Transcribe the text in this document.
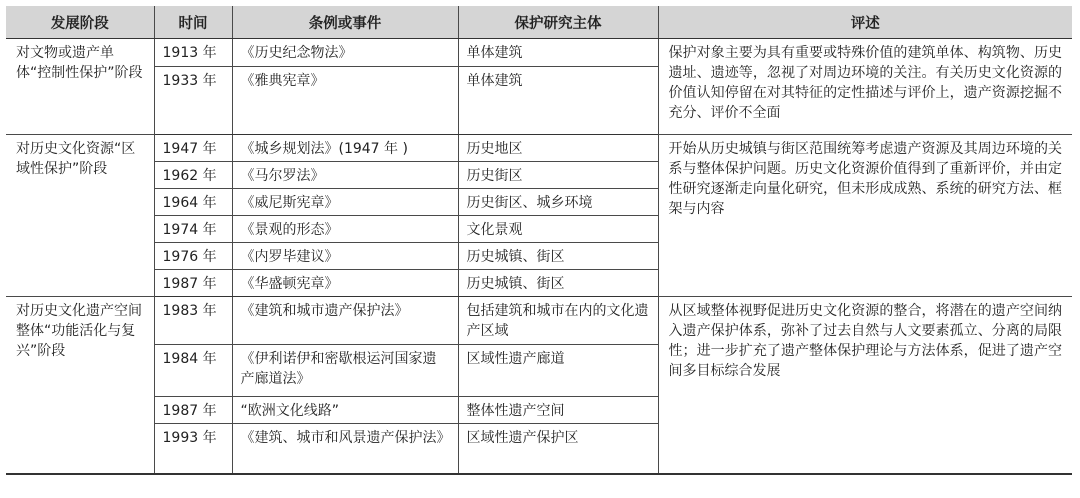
发展阶段	时间	条例或事件	保护研究主体	评述
对文物或遗产单体“控制性保护”阶段	1913 年	《历史纪念物法》	单体建筑	保护对象主要为具有重要或特殊价值的建筑单体、构筑物、历史遗址、遗迹等，忽视了对周边环境的关注。有关历史文化资源的价值认知停留在对其特征的定性描述与评价上，遗产资源挖掘不充分、评价不全面
	1933 年	《雅典宪章》	单体建筑	
对历史文化资源“区域性保护”阶段	1947 年	《城乡规划法》(1947 年 )	历史地区	开始从历史城镇与街区范围统筹考虑遗产资源及其周边环境的关系与整体保护问题。历史文化资源价值得到了重新评价，并由定性研究逐渐走向量化研究，但未形成成熟、系统的研究方法、框架与内容
	1962 年	《马尔罗法》	历史街区	
	1964 年	《威尼斯宪章》	历史街区、城乡环境	
	1974 年	《景观的形态》	文化景观	
	1976 年	《内罗毕建议》	历史城镇、街区	
	1987 年	《华盛顿宪章》	历史城镇、街区	
对历史文化遗产空间整体“功能活化与复兴”阶段	1983 年	《建筑和城市遗产保护法》	包括建筑和城市在内的文化遗产区域	从区域整体视野促进历史文化资源的整合，将潜在的遗产空间纳入遗产保护体系，弥补了过去自然与人文要素孤立、分离的局限性；进一步扩充了遗产整体保护理论与方法体系，促进了遗产空间多目标综合发展
	1984 年	《伊利诺伊和密歇根运河国家遗产廊道法》	区域性遗产廊道	
	1987 年	“欧洲文化线路”	整体性遗产空间	
	1993 年	《建筑、城市和风景遗产保护法》	区域性遗产保护区	
